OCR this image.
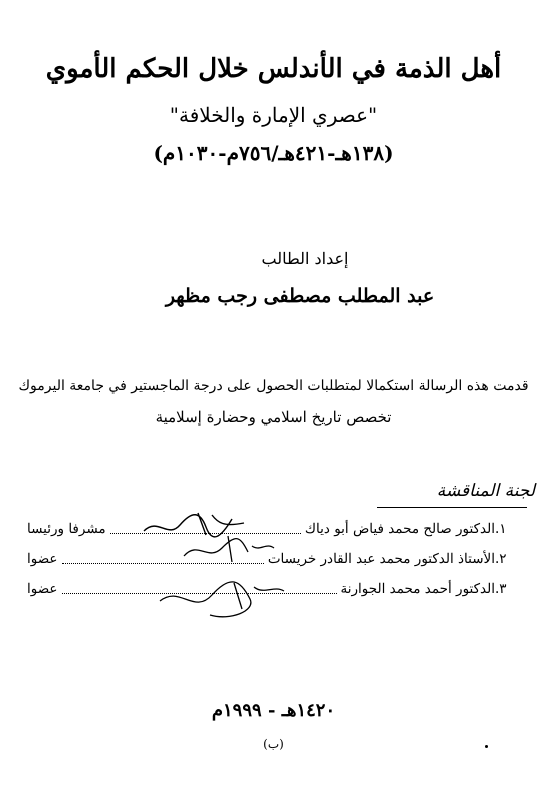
أهل الذمة في الأندلس خلال الحكم الأموي
"عصري الإمارة والخلافة"
(١٣٨هـ-٤٢١هـ/٧٥٦م-١٠٣٠م)
إعداد الطالب
عبد المطلب مصطفى رجب مظهر
قدمت هذه الرسالة استكمالا لمتطلبات الحصول على درجة الماجستير في جامعة اليرموك
تخصص تاريخ اسلامي وحضارة إسلامية
لجنة المناقشة
١.
الدكتور صالح محمد فياض أبو دياك
مشرفا ورئيسا
٢.
الأستاذ الدكتور محمد عبد القادر خريسات
عضوا
٣.
الدكتور أحمد محمد الجوارنة
عضوا
١٤٢٠هـ - ١٩٩٩م
(ب)
